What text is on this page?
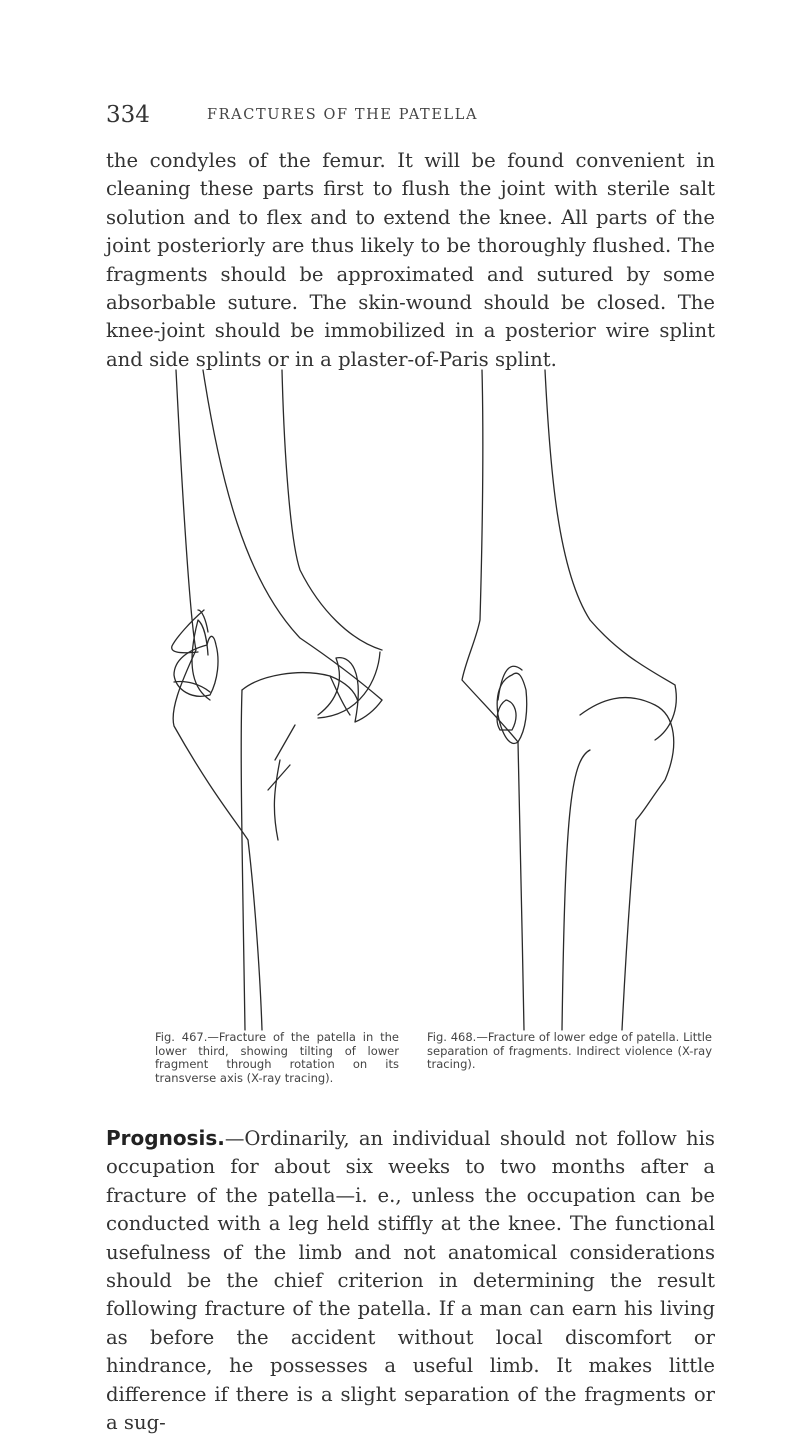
334	FRACTURES OF THE PATELLA

the condyles of the femur. It will be found convenient in cleaning these parts first to flush the joint with sterile salt solution and to flex and to extend the knee. All parts of the joint posteriorly are thus likely to be thoroughly flushed. The fragments should be approximated and sutured by some absorbable suture. The skin-wound should be closed. The knee-joint should be immobilized in a posterior wire splint and side splints or in a plaster-of-Paris splint.

Fig. 467.—Fracture of the patella in the lower third, showing tilting of lower fragment through rotation on its transverse axis (X-ray tracing).

Fig. 468.—Fracture of lower edge of patella. Little separation of fragments. Indirect violence (X-ray tracing).

Prognosis.—Ordinarily, an individual should not follow his occupation for about six weeks to two months after a fracture of the patella—i. e., unless the occupation can be conducted with a leg held stiffly at the knee. The functional usefulness of the limb and not anatomical considerations should be the chief criterion in determining the result following fracture of the patella. If a man can earn his living as before the accident without local discomfort or hindrance, he possesses a useful limb. It makes little difference if there is a slight separation of the fragments or a sug-
